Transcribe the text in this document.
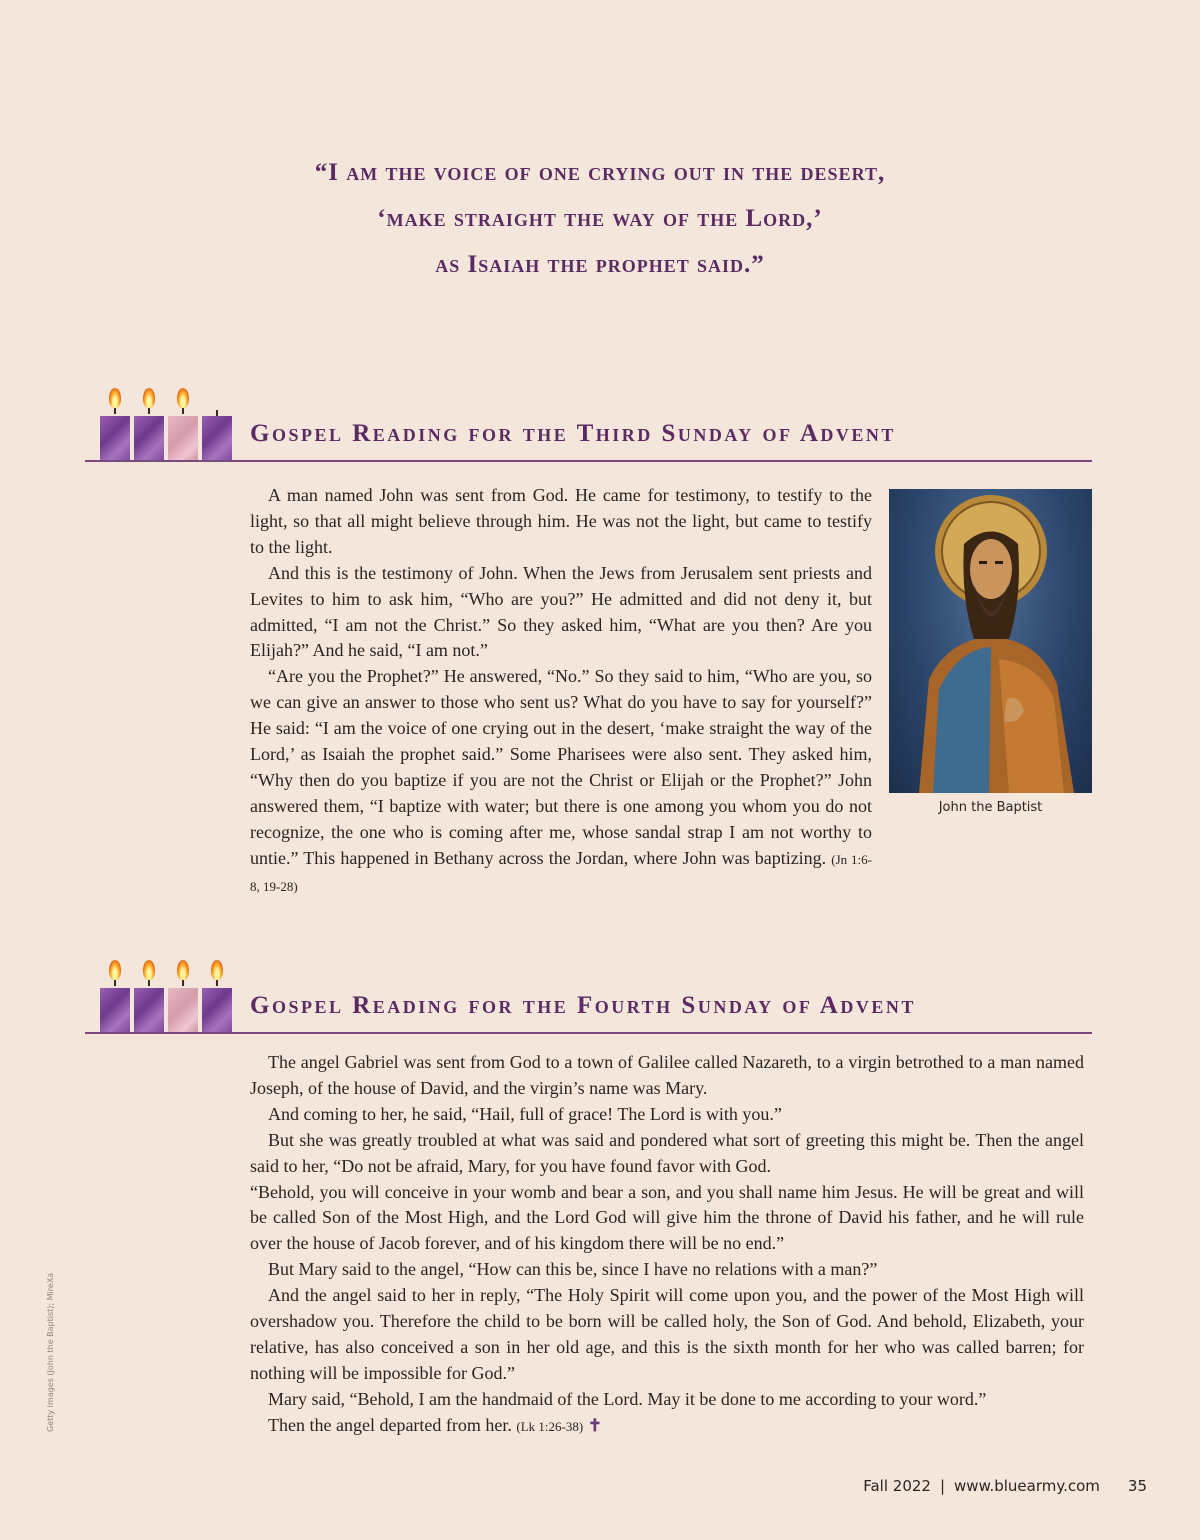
“I am the voice of one crying out in the desert,
‘make straight the way of the Lord,’
as Isaiah the prophet said.”
Gospel Reading for the Third Sunday of Advent

A man named John was sent from God. He came for testimony, to testify to the light, so that all might believe through him. He was not the light, but came to testify to the light.

And this is the testimony of John. When the Jews from Jerusalem sent priests and Levites to him to ask him, “Who are you?” He admitted and did not deny it, but admitted, “I am not the Christ.” So they asked him, “What are you then? Are you Elijah?” And he said, “I am not.”

“Are you the Prophet?” He answered, “No.” So they said to him, “Who are you, so we can give an answer to those who sent us? What do you have to say for yourself?” He said: “I am the voice of one crying out in the desert, ‘make straight the way of the Lord,’ as Isaiah the prophet said.” Some Pharisees were also sent. They asked him, “Why then do you baptize if you are not the Christ or Elijah or the Prophet?” John answered them, “I baptize with water; but there is one among you whom you do not recognize, the one who is coming after me, whose sandal strap I am not worthy to untie.” This happened in Bethany across the Jordan, where John was baptizing. (Jn 1:6-8, 19-28)

John the Baptist
Gospel Reading for the Fourth Sunday of Advent

The angel Gabriel was sent from God to a town of Galilee called Nazareth, to a virgin betrothed to a man named Joseph, of the house of David, and the virgin’s name was Mary.

And coming to her, he said, “Hail, full of grace! The Lord is with you.”

But she was greatly troubled at what was said and pondered what sort of greeting this might be. Then the angel said to her, “Do not be afraid, Mary, for you have found favor with God.

“Behold, you will conceive in your womb and bear a son, and you shall name him Jesus. He will be great and will be called Son of the Most High, and the Lord God will give him the throne of David his father, and he will rule over the house of Jacob forever, and of his kingdom there will be no end.”

But Mary said to the angel, “How can this be, since I have no relations with a man?”

And the angel said to her in reply, “The Holy Spirit will come upon you, and the power of the Most High will overshadow you. Therefore the child to be born will be called holy, the Son of God. And behold, Elizabeth, your relative, has also conceived a son in her old age, and this is the sixth month for her who was called barren; for nothing will be impossible for God.”

Mary said, “Behold, I am the handmaid of the Lord. May it be done to me according to your word.”

Then the angel departed from her. (Lk 1:26-38) ✝

Getty Images (John the Baptist); MireXa
Fall 2022 | www.bluearmy.com 35
